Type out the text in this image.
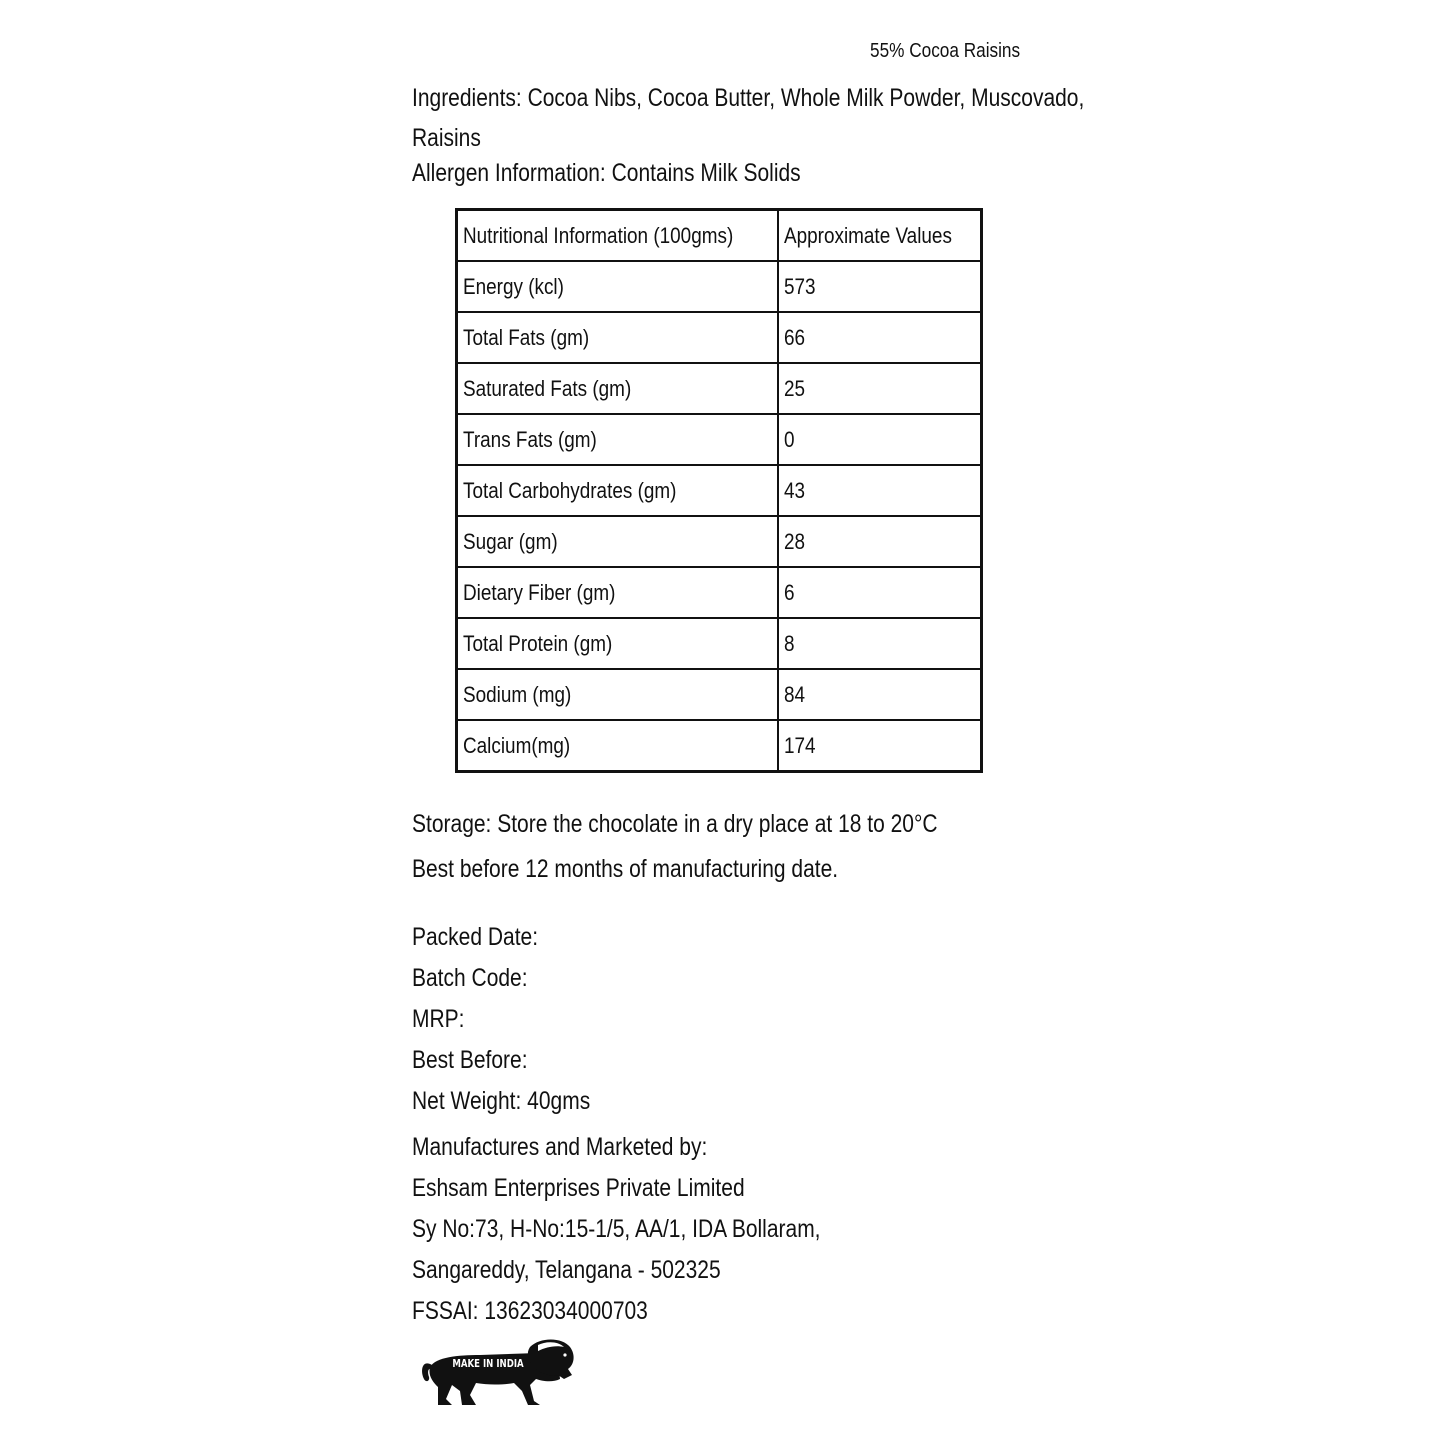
55% Cocoa Raisins
Ingredients: Cocoa Nibs, Cocoa Butter, Whole Milk Powder, Muscovado,
Raisins
Allergen Information: Contains Milk Solids
Nutritional Information (100gms)	Approximate Values
Energy (kcl)	573
Total Fats (gm)	66
Saturated Fats (gm)	25
Trans Fats (gm)	0
Total Carbohydrates (gm)	43
Sugar (gm)	28
Dietary Fiber (gm)	6
Total Protein (gm)	8
Sodium (mg)	84
Calcium(mg)	174
Storage: Store the chocolate in a dry place at 18 to 20°C
Best before 12 months of manufacturing date.
Packed Date:
Batch Code:
MRP:
Best Before:
Net Weight: 40gms
Manufactures and Marketed by:
Eshsam Enterprises Private Limited
Sy No:73, H-No:15-1/5, AA/1, IDA Bollaram,
Sangareddy, Telangana - 502325
FSSAI: 13623034000703
MAKE IN INDIA
